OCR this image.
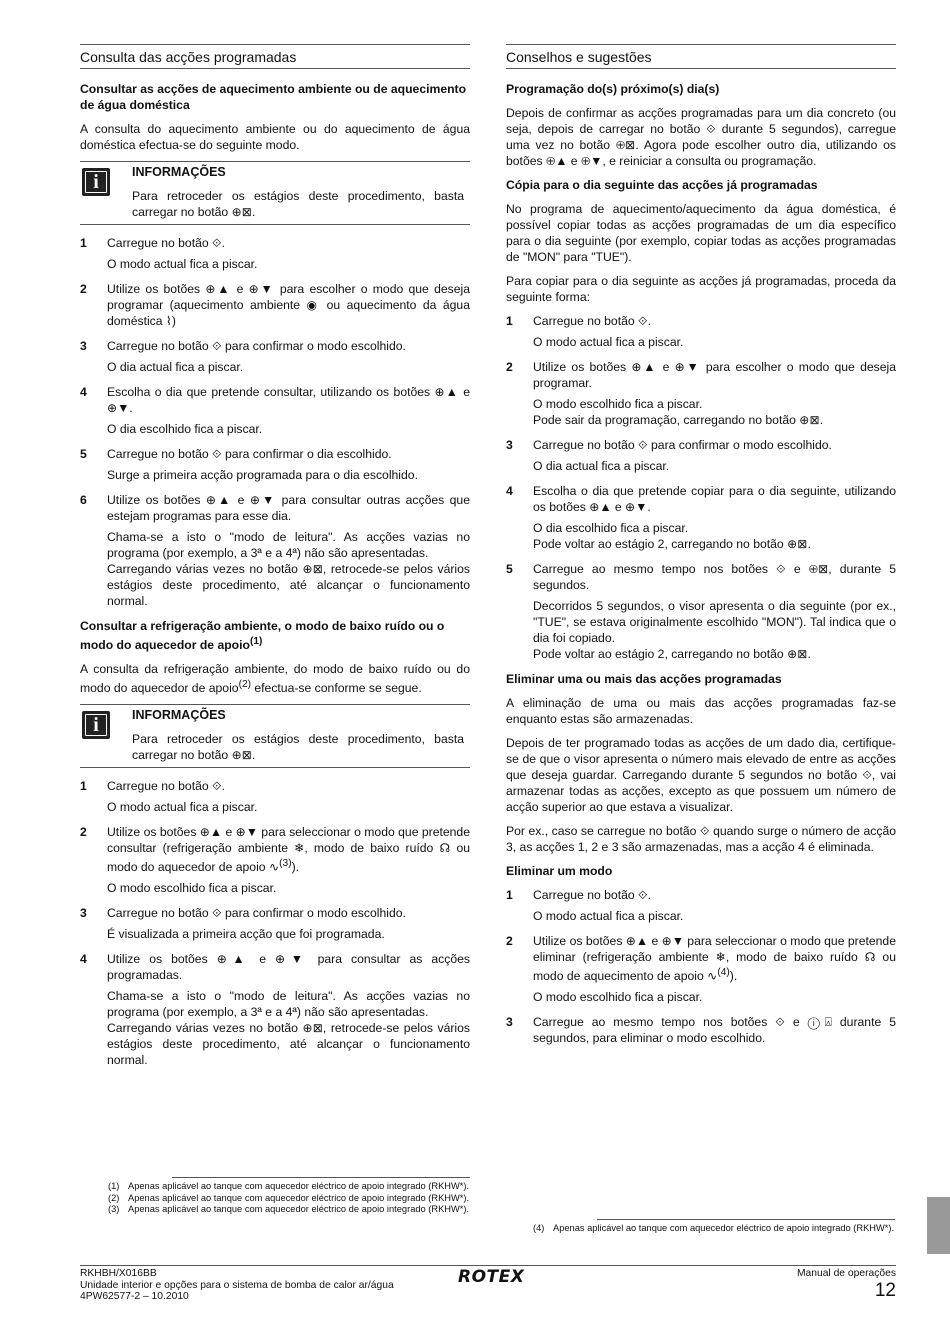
Consulta das acções programadas
Consultar as acções de aquecimento ambiente ou de aquecimento de água doméstica

A consulta do aquecimento ambiente ou do aquecimento de água doméstica efectua-se do seguinte modo.

i
INFORMAÇÕES
Para retroceder os estágios deste procedimento, basta carregar no botão ⊕⊠.
1 Carregue no botão ⟐.
O modo actual fica a piscar.
2 Utilize os botões ⊕▲ e ⊕▼ para escolher o modo que deseja programar (aquecimento ambiente ◉ ou aquecimento da água doméstica ⌇)
3 Carregue no botão ⟐ para confirmar o modo escolhido.
O dia actual fica a piscar.
4 Escolha o dia que pretende consultar, utilizando os botões ⊕▲ e ⊕▼.
O dia escolhido fica a piscar.
5 Carregue no botão ⟐ para confirmar o dia escolhido.
Surge a primeira acção programada para o dia escolhido.
6 Utilize os botões ⊕▲ e ⊕▼ para consultar outras acções que estejam programas para esse dia.
Chama-se a isto o "modo de leitura". As acções vazias no programa (por exemplo, a 3ª e a 4ª) não são apresentadas.
Carregando várias vezes no botão ⊕⊠, retrocede-se pelos vários estágios deste procedimento, até alcançar o funcionamento normal.
Consultar a refrigeração ambiente, o modo de baixo ruído ou o modo do aquecedor de apoio$^{(1)}$

A consulta da refrigeração ambiente, do modo de baixo ruído ou do modo do aquecedor de apoio$^{(2)}$ efectua-se conforme se segue.

i
INFORMAÇÕES
Para retroceder os estágios deste procedimento, basta carregar no botão ⊕⊠.
1 Carregue no botão ⟐.
O modo actual fica a piscar.
2 Utilize os botões ⊕▲ e ⊕▼ para seleccionar o modo que pretende consultar (refrigeração ambiente ❄, modo de baixo ruído ☊ ou modo do aquecedor de apoio ∿$^{(3)}$).
O modo escolhido fica a piscar.
3 Carregue no botão ⟐ para confirmar o modo escolhido.
É visualizada a primeira acção que foi programada.
4 Utilize os botões ⊕▲ e ⊕▼ para consultar as acções programadas.
Chama-se a isto o "modo de leitura". As acções vazias no programa (por exemplo, a 3ª e a 4ª) não são apresentadas.
Carregando várias vezes no botão ⊕⊠, retrocede-se pelos vários estágios deste procedimento, até alcançar o funcionamento normal.
Conselhos e sugestões
Programação do(s) próximo(s) dia(s)

Depois de confirmar as acções programadas para um dia concreto (ou seja, depois de carregar no botão ⟐ durante 5 segundos), carregue uma vez no botão ⊕⊠. Agora pode escolher outro dia, utilizando os botões ⊕▲ e ⊕▼, e reiniciar a consulta ou programação.

Cópia para o dia seguinte das acções já programadas

No programa de aquecimento/aquecimento da água doméstica, é possível copiar todas as acções programadas de um dia específico para o dia seguinte (por exemplo, copiar todas as acções programadas de "MON" para "TUE").

Para copiar para o dia seguinte as acções já programadas, proceda da seguinte forma:

1 Carregue no botão ⟐.
O modo actual fica a piscar.
2 Utilize os botões ⊕▲ e ⊕▼ para escolher o modo que deseja programar.
O modo escolhido fica a piscar.
Pode sair da programação, carregando no botão ⊕⊠.
3 Carregue no botão ⟐ para confirmar o modo escolhido.
O dia actual fica a piscar.
4 Escolha o dia que pretende copiar para o dia seguinte, utilizando os botões ⊕▲ e ⊕▼.
O dia escolhido fica a piscar.
Pode voltar ao estágio 2, carregando no botão ⊕⊠.
5 Carregue ao mesmo tempo nos botões ⟐ e ⊕⊠, durante 5 segundos.
Decorridos 5 segundos, o visor apresenta o dia seguinte (por ex., "TUE", se estava originalmente escolhido "MON"). Tal indica que o dia foi copiado.
Pode voltar ao estágio 2, carregando no botão ⊕⊠.
Eliminar uma ou mais das acções programadas

A eliminação de uma ou mais das acções programadas faz-se enquanto estas são armazenadas.

Depois de ter programado todas as acções de um dado dia, certifique-se de que o visor apresenta o número mais elevado de entre as acções que deseja guardar. Carregando durante 5 segundos no botão ⟐, vai armazenar todas as acções, excepto as que possuem um número de acção superior ao que estava a visualizar.

Por ex., caso se carregue no botão ⟐ quando surge o número de acção 3, as acções 1, 2 e 3 são armazenadas, mas a acção 4 é eliminada.

Eliminar um modo
1 Carregue no botão ⟐.
O modo actual fica a piscar.
2 Utilize os botões ⊕▲ e ⊕▼ para seleccionar o modo que pretende eliminar (refrigeração ambiente ❄, modo de baixo ruído ☊ ou modo de aquecimento de apoio ∿$^{(4)}$).
O modo escolhido fica a piscar.
3 Carregue ao mesmo tempo nos botões ⟐ e ⓘ⍓ durante 5 segundos, para eliminar o modo escolhido.
(1) Apenas aplicável ao tanque com aquecedor eléctrico de apoio integrado (RKHW*).
(2) Apenas aplicável ao tanque com aquecedor eléctrico de apoio integrado (RKHW*).
(3) Apenas aplicável ao tanque com aquecedor eléctrico de apoio integrado (RKHW*).
(4) Apenas aplicável ao tanque com aquecedor eléctrico de apoio integrado (RKHW*).
RKHBH/X016BB
Unidade interior e opções para o sistema de bomba de calor ar/água
4PW62577-2 – 10.2010
ROTEX	Manual de operações
12
